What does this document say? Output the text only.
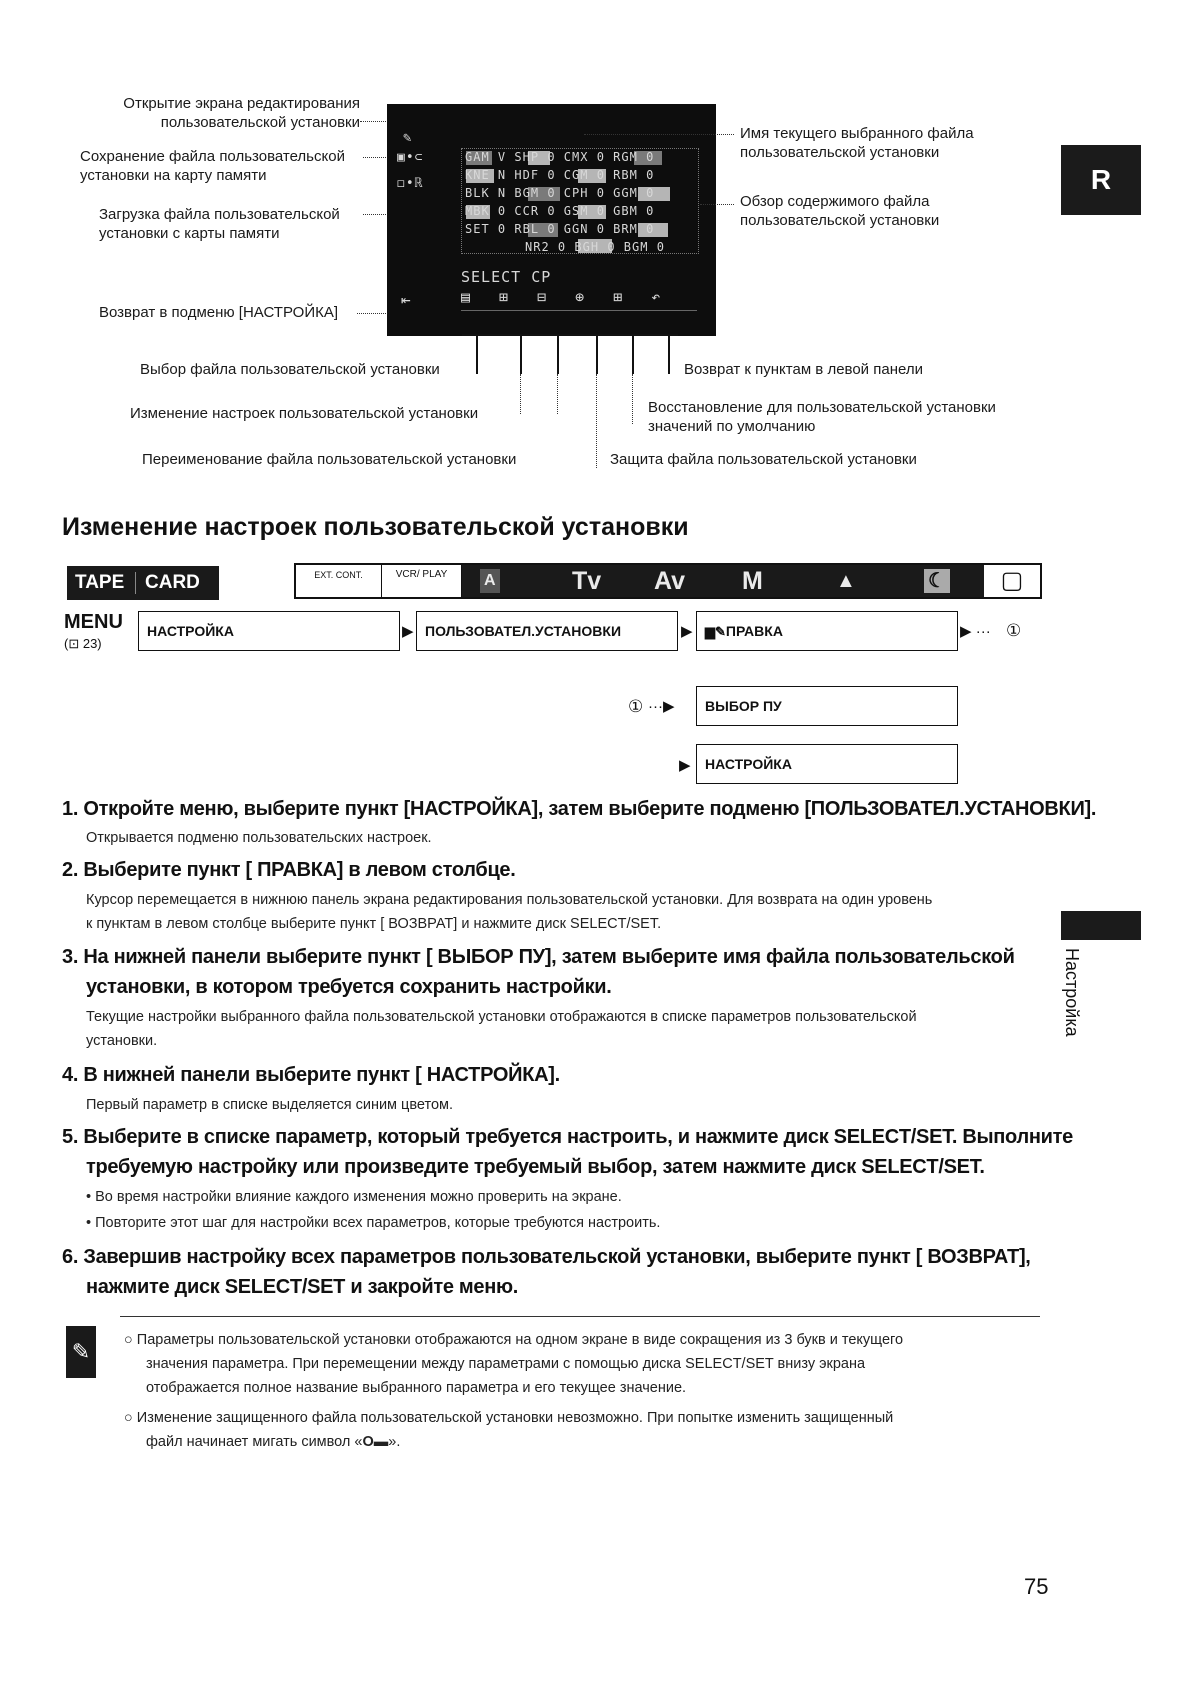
Открытие экрана редактирования
пользовательской установки
Сохранение файла пользовательской
установки на карту памяти
Загрузка файла пользовательской
установки с карты памяти
Возврат в подменю [НАСТРОЙКА]
✎
▣•⊂
◻•ℝ
GAM V SHP 0 CMX 0 RGM 0
KNE N HDF 0 CGM 0 RBM 0
BLK N BGM 0 CPH 0 GGM 0
MBK 0 CCR 0 GSM 0 GBM 0
SET 0 RBL 0 GGN 0 BRM 0
NR2 0 BGH 0 BGM 0
SELECT CP
⇤	▤ ⊞ ⊟ ⊕ ⊞ ↶
Имя текущего выбранного файла
пользовательской установки
Обзор содержимого файла
пользовательской установки
Выбор файла пользовательской установки
Изменение настроек пользовательской установки
Переименование файла пользовательской установки
Возврат к пунктам в левой панели
Восстановление для пользовательской установки
значений по умолчанию
Защита файла пользовательской установки
Изменение настроек пользовательской установки
TAPE CARD	EXT. CONT.	VCR/ PLAY	A	Tv Av M	▲	☾	▢
MENU
(⊡ 23)
НАСТРОЙКА	▶ ПОЛЬЗОВАТЕЛ.УСТАНОВКИ	▶ ▆✎ПРАВКА	▶ ··· ①
① ···▶	ВЫБОР ПУ
▶	НАСТРОЙКА
1. Откройте меню, выберите пункт [НАСТРОЙКА], затем выберите подменю [ПОЛЬЗОВАТЕЛ.УСТАНОВКИ].
Открывается подменю пользовательских настроек.
2. Выберите пункт [ ПРАВКА] в левом столбце.
Курсор перемещается в нижнюю панель экрана редактирования пользовательской установки. Для возврата на один уровень
к пунктам в левом столбце выберите пункт [ ВОЗВРАТ] и нажмите диск SELECT/SET.
3. На нижней панели выберите пункт [ ВЫБОР ПУ], затем выберите имя файла пользовательской
установки, в котором требуется сохранить настройки.
Текущие настройки выбранного файла пользовательской установки отображаются в списке параметров пользовательской
установки.
4. В нижней панели выберите пункт [ НАСТРОЙКА].
Первый параметр в списке выделяется синим цветом.
5. Выберите в списке параметр, который требуется настроить, и нажмите диск SELECT/SET. Выполните
требуемую настройку или произведите требуемый выбор, затем нажмите диск SELECT/SET.
• Во время настройки влияние каждого изменения можно проверить на экране.
• Повторите этот шаг для настройки всех параметров, которые требуются настроить.
6. Завершив настройку всех параметров пользовательской установки, выберите пункт [ ВОЗВРАТ],
нажмите диск SELECT/SET и закройте меню.
✎	○ Параметры пользовательской установки отображаются на одном экране в виде сокращения из 3 букв и текущего
значения параметра. При перемещении между параметрами с помощью диска SELECT/SET внизу экрана
отображается полное название выбранного параметра и его текущее значение.
○ Изменение защищенного файла пользовательской установки невозможно. При попытке изменить защищенный
файл начинает мигать символ «O▬».
R
Настройка
75
